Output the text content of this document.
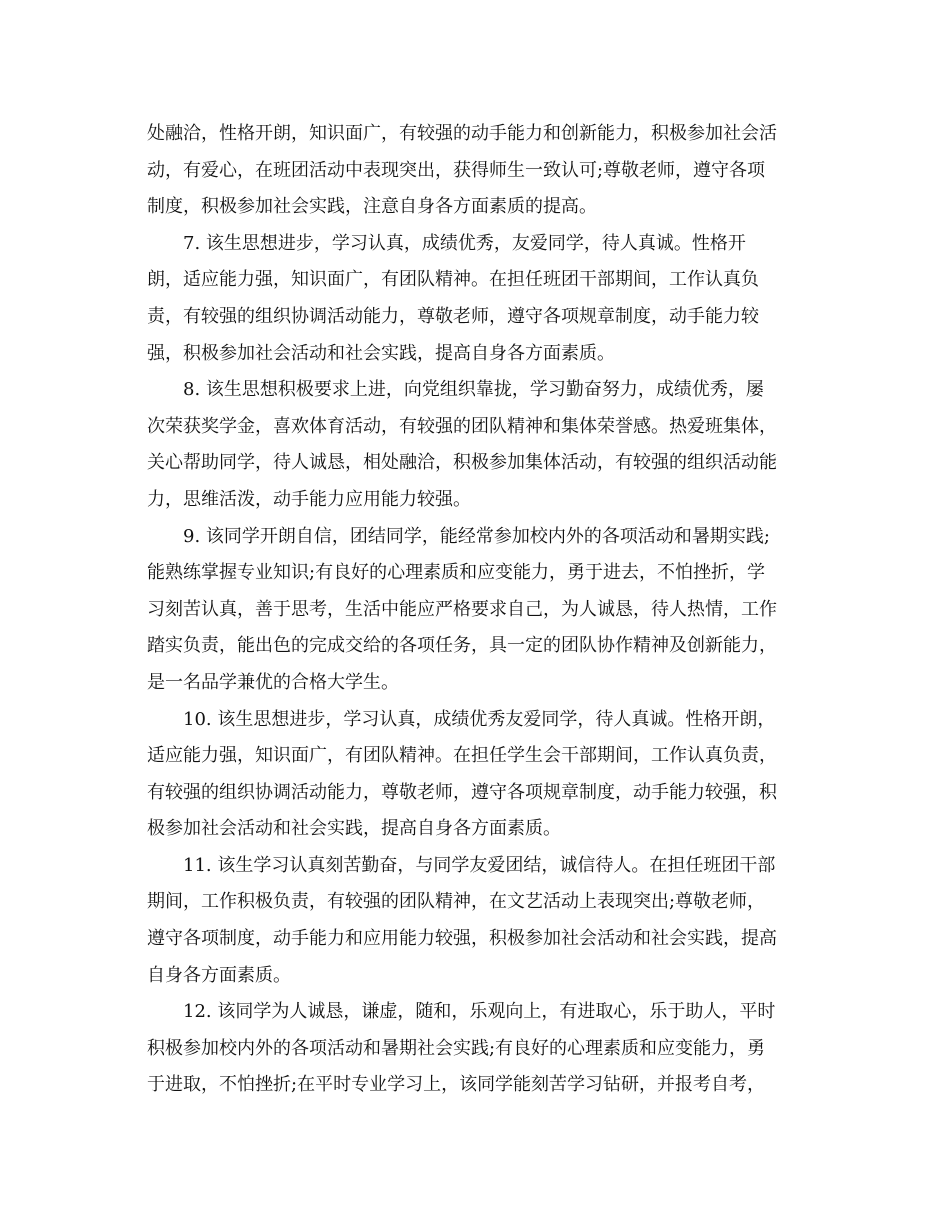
处融洽，性格开朗，知识面广，有较强的动手能力和创新能力，积极参加社会活
动，有爱心，在班团活动中表现突出，获得师生一致认可;尊敬老师，遵守各项
制度，积极参加社会实践，注意自身各方面素质的提高。

7. 该生思想进步，学习认真，成绩优秀，友爱同学，待人真诚。性格开
朗，适应能力强，知识面广，有团队精神。在担任班团干部期间，工作认真负
责，有较强的组织协调活动能力，尊敬老师，遵守各项规章制度，动手能力较
强，积极参加社会活动和社会实践，提高自身各方面素质。

8. 该生思想积极要求上进，向党组织靠拢，学习勤奋努力，成绩优秀，屡
次荣获奖学金，喜欢体育活动，有较强的团队精神和集体荣誉感。热爱班集体，
关心帮助同学，待人诚恳，相处融洽，积极参加集体活动，有较强的组织活动能
力，思维活泼，动手能力应用能力较强。

9. 该同学开朗自信，团结同学，能经常参加校内外的各项活动和暑期实践;
能熟练掌握专业知识;有良好的心理素质和应变能力，勇于进去，不怕挫折，学
习刻苦认真，善于思考，生活中能应严格要求自己，为人诚恳，待人热情，工作
踏实负责，能出色的完成交给的各项任务，具一定的团队协作精神及创新能力，
是一名品学兼优的合格大学生。

10. 该生思想进步，学习认真，成绩优秀友爱同学，待人真诚。性格开朗，
适应能力强，知识面广，有团队精神。在担任学生会干部期间，工作认真负责，
有较强的组织协调活动能力，尊敬老师，遵守各项规章制度，动手能力较强，积
极参加社会活动和社会实践，提高自身各方面素质。

11. 该生学习认真刻苦勤奋，与同学友爱团结，诚信待人。在担任班团干部
期间，工作积极负责，有较强的团队精神，在文艺活动上表现突出;尊敬老师，
遵守各项制度，动手能力和应用能力较强，积极参加社会活动和社会实践，提高
自身各方面素质。

12. 该同学为人诚恳，谦虚，随和，乐观向上，有进取心，乐于助人，平时
积极参加校内外的各项活动和暑期社会实践;有良好的心理素质和应变能力，勇
于进取，不怕挫折;在平时专业学习上，该同学能刻苦学习钻研，并报考自考，
